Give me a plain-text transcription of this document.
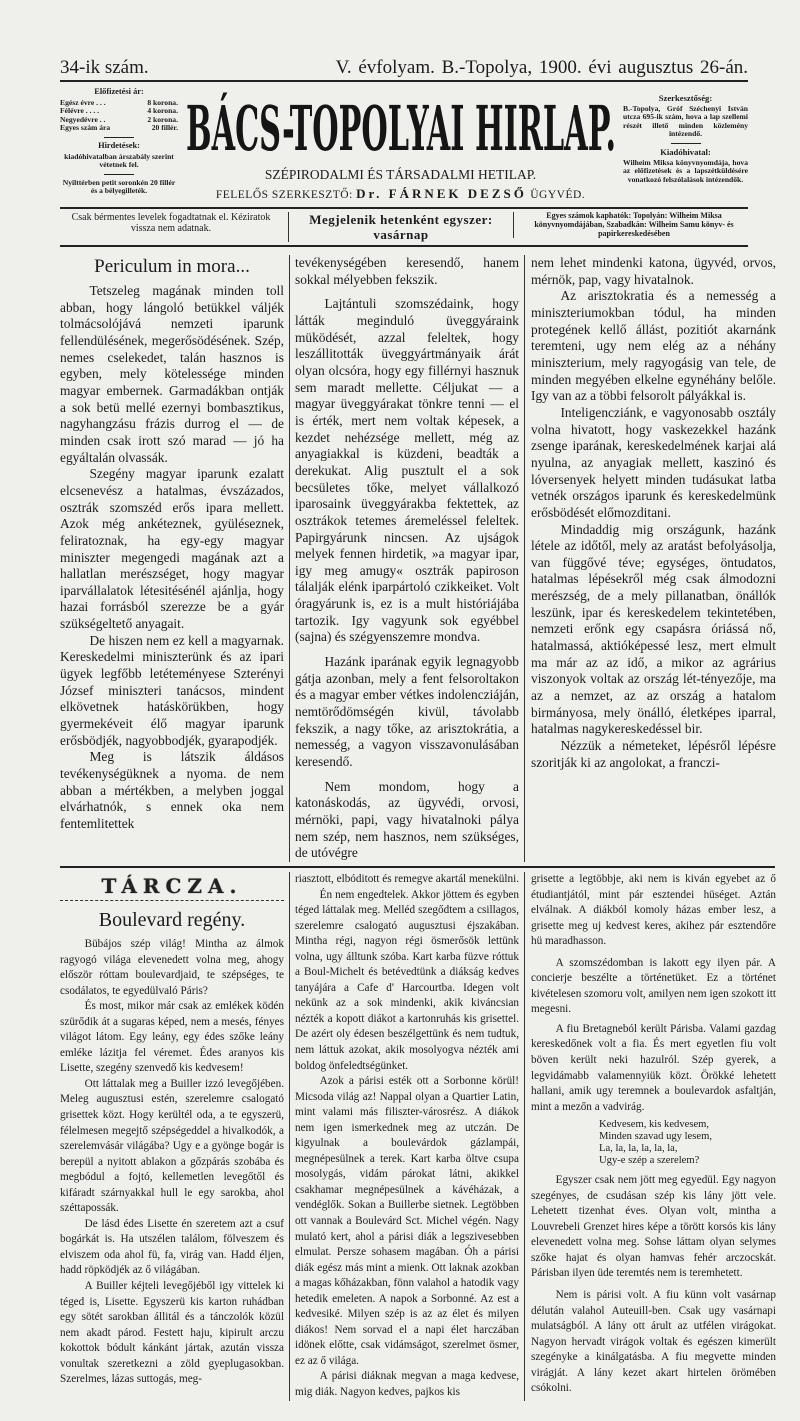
34-ik szám.	V. évfolyam. B.-Topolya, 1900. évi augusztus 26-án.
Előfizetési ár:
Egész évre . . .	8 korona.
Félévre . . . .	4 korona.
Negyedévre . .	2 korona.
Egyes szám ára	20 fillér.
Hirdetések:
kiadóhivatalban árszabály szerint vétetnek fel.
Nyilttérben petit soronkén 20 fillér és a bélyegilleték.
BÁCS-TOPOLYAI HIRLAP.
SZÉPIRODALMI ÉS TÁRSADALMI HETILAP.
FELELŐS SZERKESZTŐ: Dr. FÁRNEK DEZSŐ ÜGYVÉD.
Szerkesztőség:
B.-Topolya, Gróf Széchenyi István utcza 695-ik szám, hova a lap szellemi részét illető minden közlemény intézendő.
Kiadóhivatal:
Wilheim Miksa könyvnyomdája, hova az előfizetések és a lapszétküldésére vonatkozó felszólalások intézendők.
Csak bérmentes levelek fogadtatnak el. Kéziratok vissza nem adatnak.
Megjelenik hetenként egyszer: vasárnap
Egyes számok kaphatók: Topolyán: Wilheim Miksa könyvnyomdájában, Szabadkán: Wilheim Samu könyv- és papirkereskedésében
Periculum in mora...

Tetszeleg magának minden toll abban, hogy lángoló betükkel váljék tolmácsolójává nemzeti iparunk fellendülésének, megerősödésének. Szép, nemes cselekedet, talán hasznos is egyben, mely kötelessége minden magyar embernek. Garmadákban ontják a sok betü mellé ezernyi bombasztikus, nagyhangzásu frázis durrog el — de minden csak irott szó marad — jó ha egyáltalán olvassák.

Szegény magyar iparunk ezalatt elcsenevész a hatalmas, évszázados, osztrák szomszéd erős ipara mellett. Azok még ankéteznek, gyüléseznek, feliratoznak, ha egy-egy magyar miniszter megengedi magának azt a hallatlan merészséget, hogy magyar iparvállalatok létesitésénél ajánlja, hogy hazai forrásból szerezze be a gyár szükségeltető anyagait.

De hiszen nem ez kell a magyarnak. Kereskedelmi miniszterünk és az ipari ügyek legfőbb letéteményese Szterényi József miniszteri tanácsos, mindent elkövetnek hatáskörükben, hogy gyermekéveit élő magyar iparunk erősbödjék, nagyobbodjék, gyarapodjék.

Meg is látszik áldásos tevékenységüknek a nyoma. de nem abban a mértékben, a melyben joggal elvárhatnók, s ennek oka nem fentemlitettek

tevékenységében keresendő, hanem sokkal mélyebben fekszik.

Lajtántuli szomszédaink, hogy látták meginduló üveggyáraink müködését, azzal feleltek, hogy leszállitották üveggyártmányaik árát olyan olcsóra, hogy egy fillérnyi hasznuk sem maradt mellette. Céljukat — a magyar üveggyárakat tönkre tenni — el is érték, mert nem voltak képesek, a kezdet nehézsége mellett, még az anyagiakkal is küzdeni, beadták a derekukat. Alig pusztult el a sok becsületes tőke, melyet vállalkozó iparosaink üveggyárakba fektettek, az osztrákok tetemes áremeléssel feleltek. Papirgyárunk nincsen. Az ujságok melyek fennen hirdetik, »a magyar ipar, igy meg amugy« osztrák papiroson tálalják elénk iparpártoló czikkeiket. Volt óragyárunk is, ez is a mult históriájába tartozik. Igy vagyunk sok egyébbel (sajna) és szégyenszemre mondva.

Hazánk iparának egyik legnagyobb gátja azonban, mely a fent felsoroltakon és a magyar ember vétkes indolencziáján, nemtörődömségén kivül, távolabb fekszik, a nagy tőke, az arisztokrátia, a nemesség, a vagyon visszavonulásában keresendő.

Nem mondom, hogy a katonáskodás, az ügyvédi, orvosi, mérnöki, papi, vagy hivatalnoki pálya nem szép, nem hasznos, nem szükséges, de utóvégre

nem lehet mindenki katona, ügyvéd, orvos, mérnök, pap, vagy hivatalnok.

Az arisztokratia és a nemesség a miniszteriumokban tódul, ha minden protegének kellő állást, pozitiót akarnánk teremteni, ugy nem elég az a néhány miniszterium, mely ragyogásig van tele, de minden megyében elkelne egynéhány belőle. Igy van az a többi felsorolt pályákkal is.

Inteligencziánk, e vagyonosabb osztály volna hivatott, hogy vaskezekkel hazánk zsenge iparának, kereskedelmének karjai alá nyulna, az anyagiak mellett, kaszinó és lóversenyek helyett minden tudásukat latba vetnék országos iparunk és kereskedelmünk erősbödését előmozditani.

Mindaddig mig országunk, hazánk létele az időtől, mely az aratást befolyásolja, van függővé téve; egységes, öntudatos, hatalmas lépésekről még csak álmodozni merészség, de a mely pillanatban, önállók leszünk, ipar és kereskedelem tekintetében, nemzeti erőnk egy csapásra óriássá nő, hatalmassá, aktióképessé lesz, mert elmult ma már az az idő, a mikor az agrárius viszonyok voltak az ország lét-tényezője, ma az a nemzet, az az ország a hatalom birmányosa, mely önálló, életképes iparral, hatalmas nagykereskedéssel bir.

Nézzük a németeket, lépésről lépésre szoritják ki az angolokat, a franczi-

TÁRCZA.
Boulevard regény.

Bübájos szép világ! Mintha az álmok ragyogó világa elevenedett volna meg, ahogy először róttam boulevardjaid, te szépséges, te csodálatos, te egyedülvaló Páris?

És most, mikor már csak az emlékek ködén szürődik át a sugaras képed, nem a mesés, fényes világot látom. Egy leány, egy édes szőke leány emléke lázitja fel véremet. Édes aranyos kis Lisette, szegény szenvedő kis kedvesem!

Ott láttalak meg a Builler izzó levegőjében. Meleg augusztusi estén, szerelemre csalogató grisettek közt. Hogy kerültél oda, a te egyszerü, félelmesen megejtő szépségeddel a hivalkodók, a szerelemvásár világába? Ugy e a gyönge bogár is berepül a nyitott ablakon a gőzpárás szobába és megbódul a fojtó, kellemetlen levegőtől és kifáradt szárnyakkal hull le egy sarokba, ahol széttapossák.

De lásd édes Lisette én szeretem azt a csuf bogárkát is. Ha utszélen találom, fölveszem és elviszem oda ahol fü, fa, virág van. Hadd éljen, hadd röpködjék az ő világában.

A Builler kéjteli levegőjéből igy vittelek ki téged is, Lisette. Egyszerü kis karton ruhádban egy sötét sarokban állitál és a tánczolók közül nem akadt párod. Festett haju, kipirult arczu kokottok bódult kánkánt jártak, azután vissza vonultak szeretkezni a zöld gyeplugasokban. Szerelmes, lázas suttogás, meg-

riasztott, elbóditott és remegve akartál menekülni.

Én nem engedtelek. Akkor jöttem és egyben téged láttalak meg. Melléd szegődtem a csillagos, szerelemre csalogató augusztusi éjszakában. Mintha régi, nagyon régi ösmerősök lettünk volna, ugy álltunk szóba. Kart karba füzve róttuk a Boul-Michelt és betévedtünk a diákság kedves tanyájára a Cafe d' Harcourtba. Idegen volt nekünk az a sok mindenki, akik kiváncsian nézték a kopott diákot a kartonruhás kis grisettel. De azért oly édesen beszélgettünk és nem tudtuk, nem láttuk azokat, akik mosolyogva nézték ami boldog önfeledtségünket.

Azok a párisi esték ott a Sorbonne körül! Micsoda világ az! Nappal olyan a Quartier Latin, mint valami más filiszter-városrész. A diákok nem igen ismerkednek meg az utczán. De kigyulnak a boulevárdok gázlampái, megnépesülnek a terek. Kart karba öltve csupa mosolygás, vidám párokat látni, akikkel csakhamar megnépesülnek a kávéházak, a vendéglők. Sokan a Buillerbe sietnek. Legtöbben ott vannak a Boulevárd Sct. Michel végén. Nagy mulató kert, ahol a párisi diák a legszivesebben elmulat. Persze sohasem magában. Óh a párisi diák egész más mint a mienk. Ott laknak azokban a magas kőházakban, fönn valahol a hatodik vagy hetedik emeleten. A napok a Sorbonné. Az est a kedvesiké. Milyen szép is az az élet és milyen diákos! Nem sorvad el a napi élet harczában idönek előtte, csak vidámságot, szerelmet ösmer, ez az ő világa.

A párisi diáknak megvan a maga kedvese, mig diák. Nagyon kedves, pajkos kis

grisette a legtöbbje, aki nem is kiván egyebet az ő étudiantjától, mint pár esztendei hüséget. Aztán elválnak. A diákból komoly házas ember lesz, a grisette meg uj kedvest keres, akihez pár esztendőre hü maradhasson.

A szomszédomban is lakott egy ilyen pár. A concierje beszélte a történetüket. Ez a történet kivételesen szomoru volt, amilyen nem igen szokott itt megesni.

A fiu Bretagneból került Párisba. Valami gazdag kereskedőnek volt a fia. És mert egyetlen fiu volt böven került neki hazulról. Szép gyerek, a legvidámabb valamennyiük közt. Örökké lehetett hallani, amik ugy teremnek a boulevardok asfaltján, mint a mezőn a vadvirág.

Kedvesem, kis kedvesem,
Minden szavad ugy lesem,
La, la, la, la, la, la,
Ugy-e szép a szerelem?

Egyszer csak nem jött meg egyedül. Egy nagyon szegényes, de csudásan szép kis lány jött vele. Lehetett tizenhat éves. Olyan volt, mintha a Louvrebeli Grenzet hires képe a törött korsós kis lány elevenedett volna meg. Sohse láttam olyan selymes szőke hajat és olyan hamvas fehér arczocskát. Párisban ilyen üde teremtés nem is teremhetett.

Nem is párisi volt. A fiu künn volt vasárnap délután valahol Auteuill-ben. Csak ugy vasárnapi mulatságból. A lány ott árult az utfélen virágokat. Nagyon hervadt virágok voltak és egészen kimerült szegényke a kinálgatásba. A fiu megvette minden virágját. A lány kezet akart hirtelen örömében csókolni.
